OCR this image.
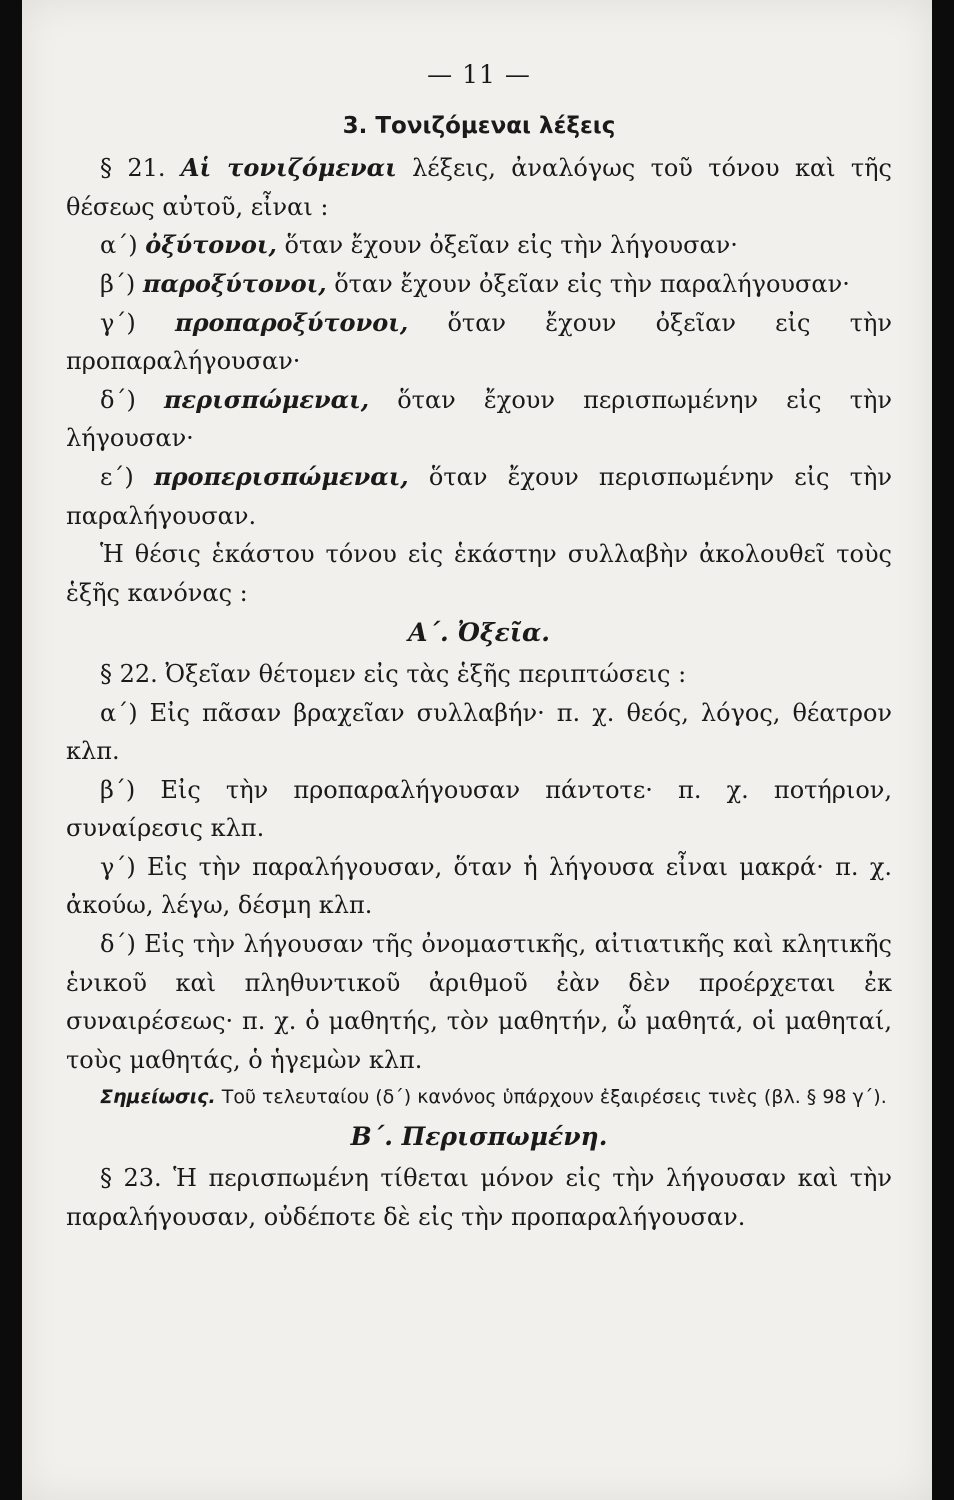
— 11 —
3. Τονιζόμεναι λέξεις

§ 21. Αἱ τονιζόμεναι λέξεις, ἀναλόγως τοῦ τόνου καὶ τῆς θέσεως αὐτοῦ, εἶναι :

α΄) ὀξύτονοι, ὅταν ἔχουν ὀξεῖαν εἰς τὴν λήγουσαν·

β΄) παροξύτονοι, ὅταν ἔχουν ὀξεῖαν εἰς τὴν παραλήγουσαν·

γ΄) προπαροξύτονοι, ὅταν ἔχουν ὀξεῖαν εἰς τὴν προπαραλήγουσαν·

δ΄) περισπώμεναι, ὅταν ἔχουν περισπωμένην εἰς τὴν λήγουσαν·

ε΄) προπερισπώμεναι, ὅταν ἔχουν περισπωμένην εἰς τὴν παραλήγουσαν.

Ἡ θέσις ἑκάστου τόνου εἰς ἑκάστην συλλαβὴν ἀκολουθεῖ τοὺς ἑξῆς κανόνας :

Α΄. Ὀξεῖα.

§ 22. Ὀξεῖαν θέτομεν εἰς τὰς ἑξῆς περιπτώσεις :

α΄) Εἰς πᾶσαν βραχεῖαν συλλαβήν· π. χ. θεός, λόγος, θέατρον κλπ.

β΄) Εἰς τὴν προπαραλήγουσαν πάντοτε· π. χ. ποτήριον, συναίρεσις κλπ.

γ΄) Εἰς τὴν παραλήγουσαν, ὅταν ἡ λήγουσα εἶναι μακρά· π. χ. ἀκούω, λέγω, δέσμη κλπ.

δ΄) Εἰς τὴν λήγουσαν τῆς ὀνομαστικῆς, αἰτιατικῆς καὶ κλητικῆς ἑνικοῦ καὶ πληθυντικοῦ ἀριθμοῦ ἐὰν δὲν προέρχεται ἐκ συναιρέσεως· π. χ. ὁ μαθητής, τὸν μαθητήν, ὦ μαθητά, οἱ μαθηταί, τοὺς μαθητάς, ὁ ἡγεμὼν κλπ.

Σημείωσις. Τοῦ τελευταίου (δ΄) κανόνος ὑπάρχουν ἐξαιρέσεις τινὲς (βλ. § 98 γ΄).

Β΄. Περισπωμένη.

§ 23. Ἡ περισπωμένη τίθεται μόνον εἰς τὴν λήγουσαν καὶ τὴν παραλήγουσαν, οὐδέποτε δὲ εἰς τὴν προπαραλήγουσαν.
